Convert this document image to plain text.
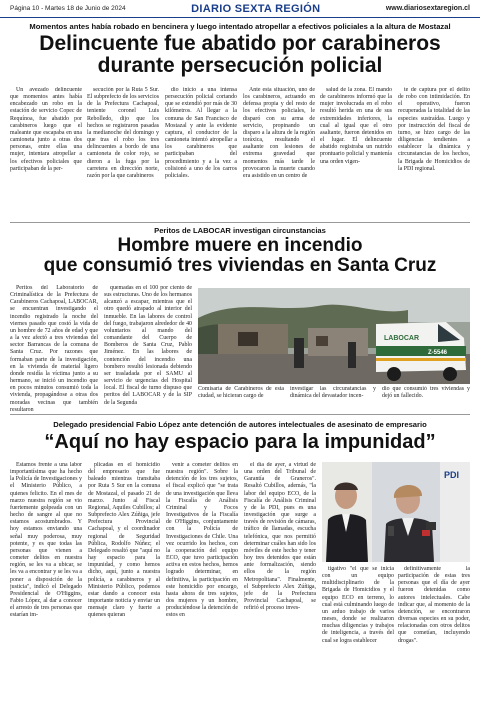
Página 10 - Martes 18 de Junio de 2024	DIARIO SEXTA REGIÓN	www.diariosextaregion.cl
Momentos antes había robado en bencinera y luego intentado atropellar a efectivos policiales a la altura de Mostazal
Delincuente fue abatido por carabineros
durante persecución policial

Un avezado delincuente que momentos antes había encabezado un robo en la estación de servicio Copec de Requínoa, fue abatido por carabineros luego que el maleante que escapaba en una camioneta junto a otras dos personas, entre ellas una mujer, intentara atropellar a los efectivos policiales que participaban de la per-

secución por la Ruta 5 Sur. El subprefecto de los servicios de la Prefectura Cachapoal, teniente coronel Luis Rebolledo, dijo que los hechos se registraron pasadas la medianoche del domingo y que tras el robo los tres delincuentes a bordo de una camioneta de color rojo, se dieron a la fuga por la carretera en dirección norte, razón por la que carabineros

dio inicio a una intensa persecución policial cortando que se extendió por más de 30 kilómetros. Al llegar a la comuna de San Francisco de Mostazal y ante la evidente captura, el conductor de la camioneta intentó atropellar a los carabineros que participaban del procedimiento y a la vez a colisionó a uno de los carros policiales.

Ante esta situación, uno de los carabineros, actuando en defensa propia y del resto de los efectivos policiales, le disparó con su arma de servicio, propinando un disparo a la altura de la región toráxica, resultando el asaltante con lesiones de extrema gravedad que momentos más tarde le provocaron la muerte cuando era asistido en un centro de

salud de la zona. El mando de carabineros informó que la mujer involucrada en el robo resultó herida en una de sus extremidades inferiores, la cual al igual que el otro asaltante, fueron detenidos en el lugar. El delincuente abatido registraba un nutrido prontuario policial y mantenía una orden vigen-

te de captura por el delito de robo con intimidación. En el operativo, fueron recuperadas la totalidad de las especies sustraídas. Luego y por instrucción del fiscal de turno, se hizo cargo de las diligencias tendientes a establecer la dinámica y circunstancias de los hechos, la Brigada de Homicidios de la PDI regional.

Peritos de LABOCAR investigan circunstancias
Hombre muere en incendio
que consumió tres viviendas en Santa Cruz

Peritos del Laboratorio de Criminalística de la Prefectura de Carabineros Cachapoal, LABOCAR, se encuentran investigando el incendio registrado la noche del viernes pasado que costó la vida de un hombre de 72 años de edad y que a la vez afectó a tres viviendas del sector Barrancas de la comuna de Santa Cruz. Por razones que formaban parte de la investigación, en la vivienda de material ligero donde residía la víctima junto a su hermano, se inició un incendio que en pocos minutos consumió toda la vivienda, propagándose a otras dos moradas vecinas que también resultaron

quemadas en el 100 por ciento de sus estructuras. Uno de los hermanos alcanzó a escapar, mientras que el otro quedó atrapado al interior del inmueble. En las labores de control del fuego, trabajaron alrededor de 40 voluntarios al mando del comandante del Cuerpo de Bomberos de Santa Cruz, Pablo Jiménez. En las labores de contención del incendio una bombero resultó lesionada debiendo ser trasladada por el SAMU al servicio de urgencias del Hospital local. El fiscal de turno dispuso que peritos del LABOCAR y de la SIP de la Segunda

LABOCAR
Z-5546
Comisaría de Carabineros de esta ciudad, se hicieran cargo de
investigar las circunstancias y dinámica del devastador incen-
dio que consumió tres viviendas y dejó un fallecido.
Delegado presidencial Fabio López ante detención de autores intelectuales de asesinato de empresario
“Aquí no hay espacio para la impunidad”

Estamos frente a una labor importantísima que ha hecho la Policía de Investigaciones y el Ministerio Público, a quienes felicito. En el mes de marzo nuestra región se vio fuertemente golpeada con un hecho de sangre al que no estamos acostumbrados. Y hoy estamos enviando una señal muy poderosa, muy potente, y es que todas las personas que vienen a cometer delitos en nuestra región, se les va a ubicar, se les va a encontrar y se les va a poner a disposición de la justicia", indicó el Delegado Presidencial de O'Higgins, Fabio López, al dar a conocer el arresto de tres personas que estarían im-

plicadas en el homicidio del empresario que fue baleado mientras transitaba por Ruta 5 Sur en la comuna de Mostazal, el pasado 21 de marzo. Junto al Fiscal Regional, Aquiles Cubillos; al Subprefecto Alex Zúñiga, jefe Prefectura Provincial Cachapoal, y el coordinador regional de Seguridad Pública, Rodolfo Núñez; el Delegado resaltó que "aquí no hay espacio para la impunidad, y como hemos dicho, aquí, junto a nuestra policía, a carabineros y al Ministerio Público, podemos estar dando a conocer esta importante noticia y enviar un mensaje claro y fuerte a quienes quieran

venir a cometer delitos en nuestra región". Sobre la detención de los tres sujetos, el fiscal explicó que "se trata de una investigación que lleva la Fiscalía de Análisis Criminal y Focos Investigativos de la Fiscalía de O'Higgins, conjuntamente con la Policía de Investigaciones de Chile. Una vez ocurrido los hechos, con la cooperación del equipo ECO, que tuvo participación activa en estos hechos, hemos logrado determinar, en definitiva, la participación en este homicidio por encargo, hasta ahora de tres sujetos, dos mujeres y un hombre, produciéndose la detención de estos en

el día de ayer, a virtud de una orden del Tribunal de Garantía de Graneros". Resaltó Cubillos, además, "la labor del equipo ECO, de la Fiscalía de Análisis Criminal y de la PDI, pues es una investigación que surge a través de revisión de cámaras, tráfico de llamadas, escucha telefónica, que nos permitió determinar cuáles han sido los móviles de este hecho y tener hoy tres detenidos que están ante formalización, siendo ellos de la región Metropolitana". Finalmente, el Subprefecto Alex Zúñiga, jefe de la Prefectura Provincial Cachapoal, se refirió el proceso inves-

PDI

tigativo "el que se inicia con un equipo multidisciplinario de la Brigada de Homicidios y el equipo ECO en terreno, lo cual está culminando luego de un arduo trabajo de varios meses, donde se realizaron muchas diligencias y trabajos de inteligencia, a través del cual se logra establecer

definitivamente la participación de estas tres personas que el día de ayer fueron detenidas como autores intelectuales. Cabe indicar que, al momento de la detención, se encontraron diversas especies en su poder, relacionadas con otros delitos que cometían, incluyendo drogas".
